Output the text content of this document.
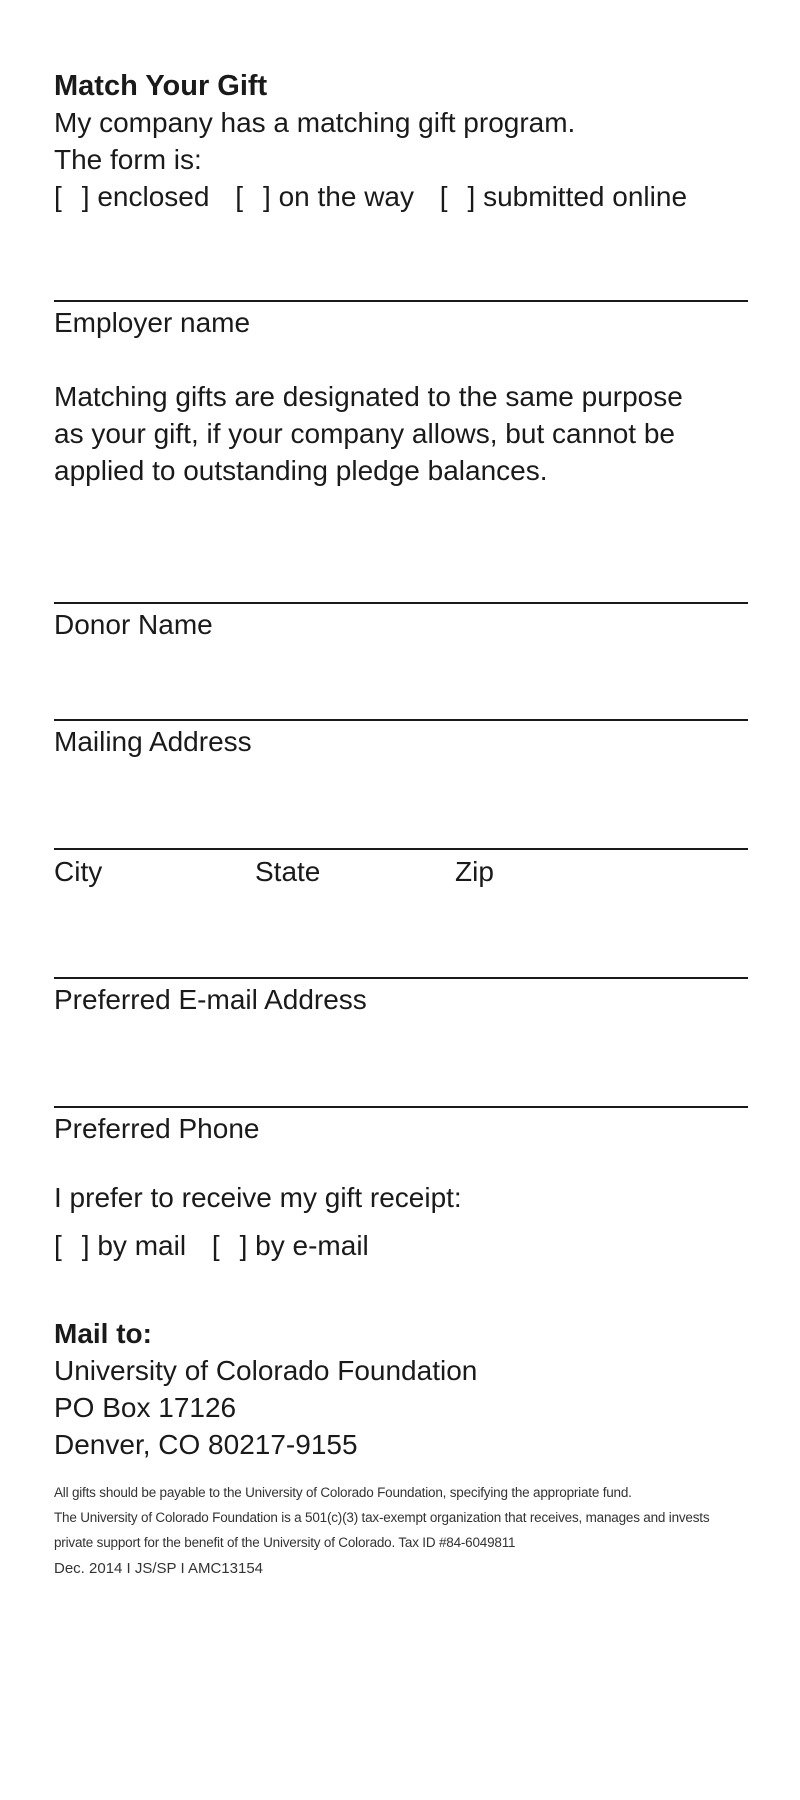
Match Your Gift
My company has a matching gift program.
The form is:
[ ] enclosed [ ] on the way [ ] submitted online
Employer name
Matching gifts are designated to the same purpose
as your gift, if your company allows, but cannot be
applied to outstanding pledge balances.
Donor Name
Mailing Address
City	State	Zip
Preferred E-mail Address
Preferred Phone
I prefer to receive my gift receipt:
[ ] by mail [ ] by e-mail
Mail to:
University of Colorado Foundation
PO Box 17126
Denver, CO 80217-9155
All gifts should be payable to the University of Colorado Foundation, specifying the appropriate fund.
The University of Colorado Foundation is a 501(c)(3) tax-exempt organization that receives, manages and invests
private support for the benefit of the University of Colorado. Tax ID #84-6049811
Dec. 2014 I JS/SP I AMC13154
